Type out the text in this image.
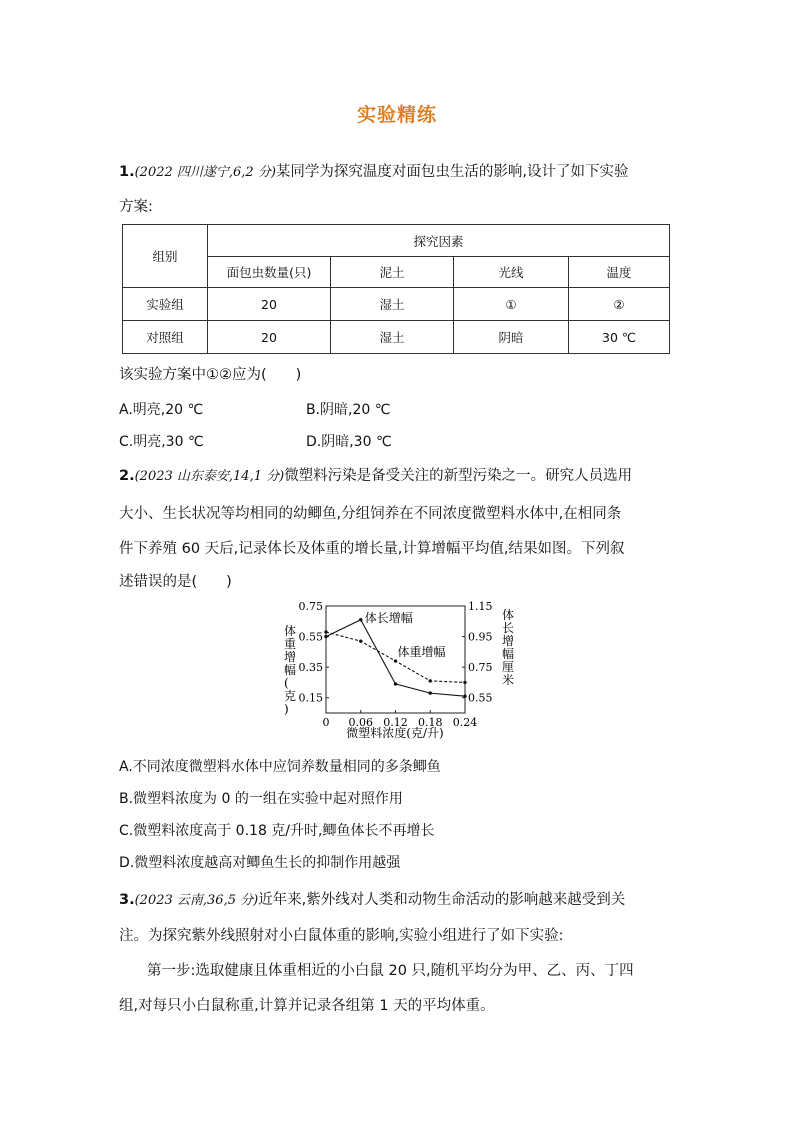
实验精练
1.(2022 四川遂宁,6,2 分)某同学为探究温度对面包虫生活的影响,设计了如下实验
方案:
组别	探究因素			
	面包虫数量(只)	泥土	光线	温度
实验组	20	湿土	①	②
对照组	20	湿土	阴暗	30 ℃
该实验方案中①②应为(　　)
A.明亮,20 ℃	B.阴暗,20 ℃
C.明亮,30 ℃	D.阴暗,30 ℃
2.(2023 山东泰安,14,1 分)微塑料污染是备受关注的新型污染之一。研究人员选用
大小、生长状况等均相同的幼鲫鱼,分组饲养在不同浓度微塑料水体中,在相同条
件下养殖 60 天后,记录体长及体重的增长量,计算增幅平均值,结果如图。下列叙
述错误的是(　　)
0 0.06 0.12 0.18 0.24
0.75
0.55
0.35
0.15
1.15
0.95
0.75
0.55
体长增幅
体重增幅
体重增幅(克)
体长增幅厘米
微塑料浓度(克/升)
A.不同浓度微塑料水体中应饲养数量相同的多条鲫鱼
B.微塑料浓度为 0 的一组在实验中起对照作用
C.微塑料浓度高于 0.18 克/升时,鲫鱼体长不再增长
D.微塑料浓度越高对鲫鱼生长的抑制作用越强
3.(2023 云南,36,5 分)近年来,紫外线对人类和动物生命活动的影响越来越受到关
注。为探究紫外线照射对小白鼠体重的影响,实验小组进行了如下实验:
第一步:选取健康且体重相近的小白鼠 20 只,随机平均分为甲、乙、丙、丁四
组,对每只小白鼠称重,计算并记录各组第 1 天的平均体重。
